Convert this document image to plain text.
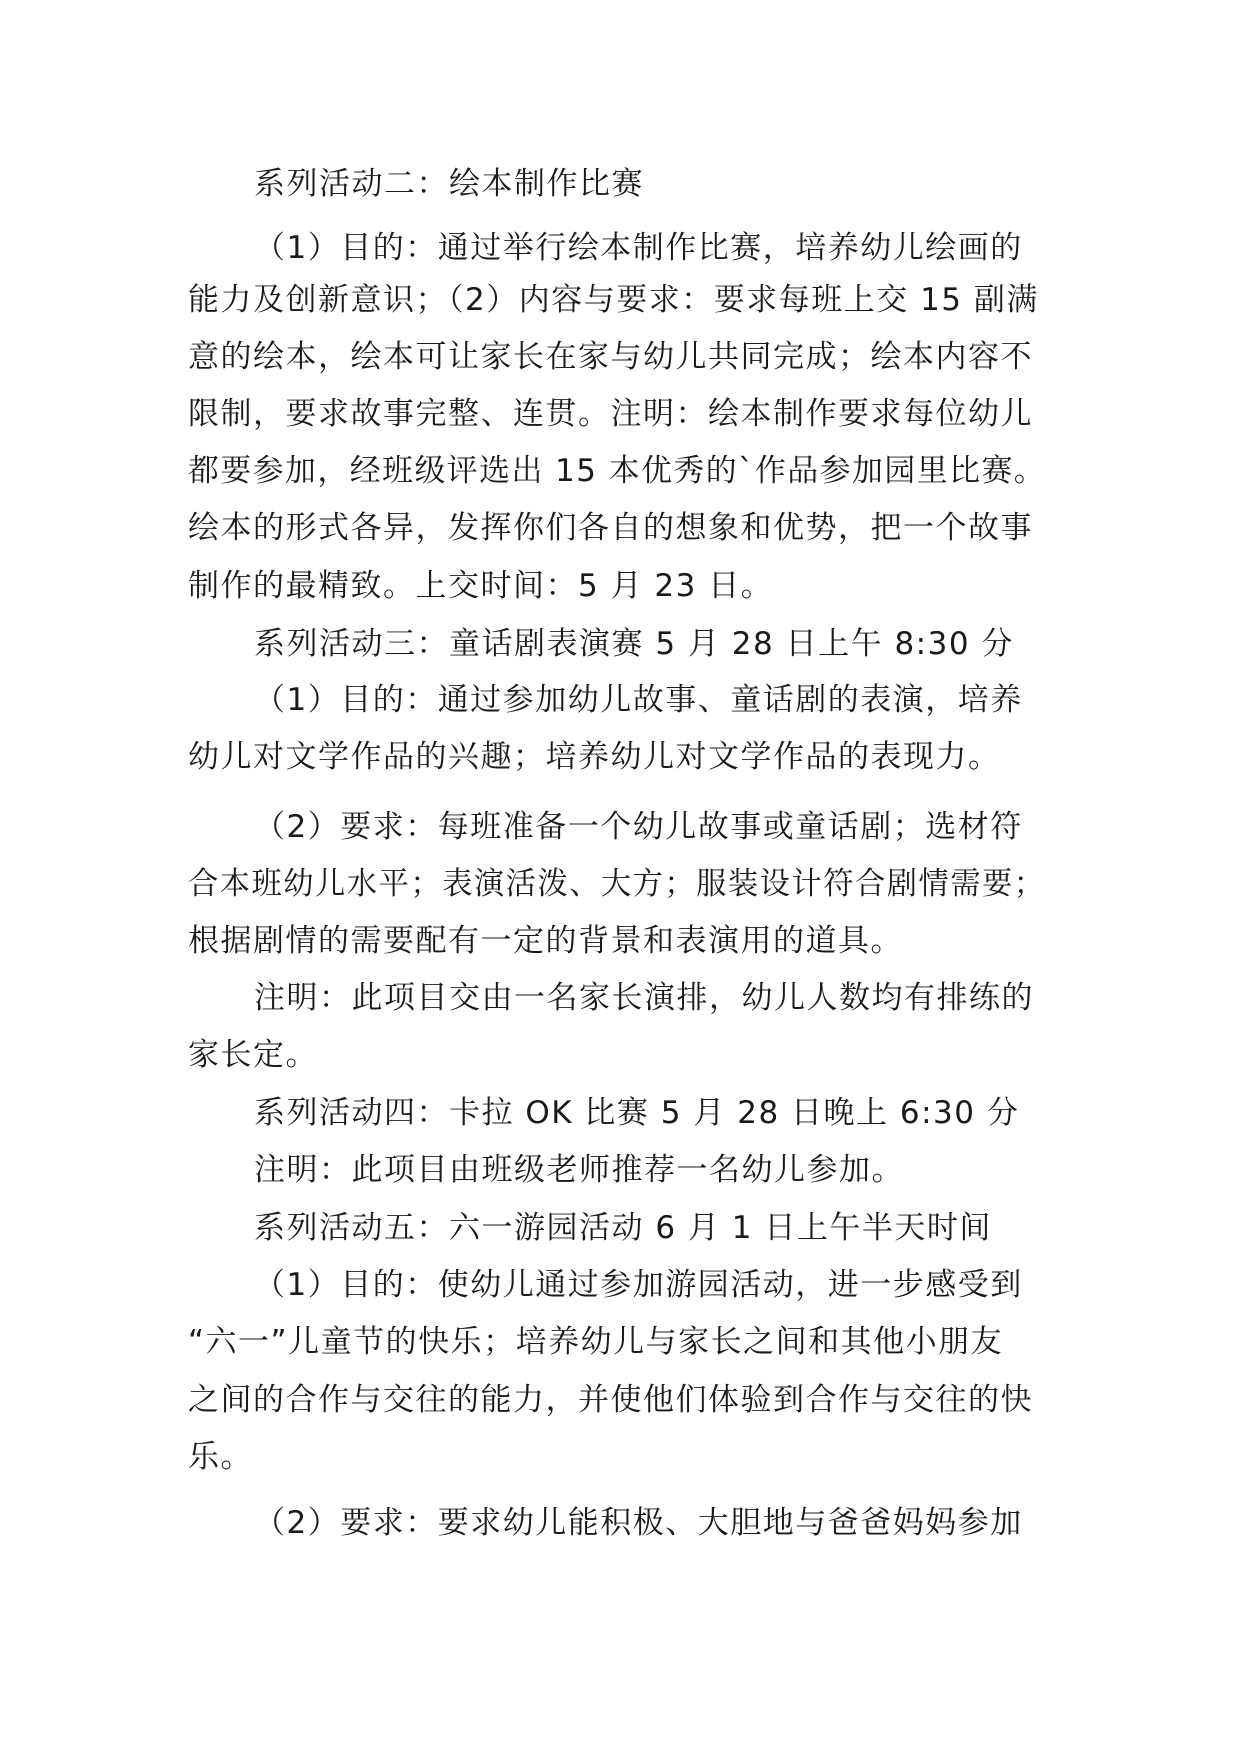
系列活动二：绘本制作比赛
（1）目的：通过举行绘本制作比赛，培养幼儿绘画的
能力及创新意识；（2）内容与要求：要求每班上交 15 副满
意的绘本，绘本可让家长在家与幼儿共同完成；绘本内容不
限制，要求故事完整、连贯。注明：绘本制作要求每位幼儿
都要参加，经班级评选出 15 本优秀的`作品参加园里比赛。
绘本的形式各异，发挥你们各自的想象和优势，把一个故事
制作的最精致。上交时间：5 月 23 日。
系列活动三：童话剧表演赛 5 月 28 日上午 8:30 分
（1）目的：通过参加幼儿故事、童话剧的表演，培养
幼儿对文学作品的兴趣；培养幼儿对文学作品的表现力。
（2）要求：每班准备一个幼儿故事或童话剧；选材符
合本班幼儿水平；表演活泼、大方；服装设计符合剧情需要；
根据剧情的需要配有一定的背景和表演用的道具。
注明：此项目交由一名家长演排，幼儿人数均有排练的
家长定。
系列活动四：卡拉 OK 比赛 5 月 28 日晚上 6:30 分
注明：此项目由班级老师推荐一名幼儿参加。
系列活动五：六一游园活动 6 月 1 日上午半天时间
（1）目的：使幼儿通过参加游园活动，进一步感受到
“六一”儿童节的快乐；培养幼儿与家长之间和其他小朋友
之间的合作与交往的能力，并使他们体验到合作与交往的快
乐。
（2）要求：要求幼儿能积极、大胆地与爸爸妈妈参加
